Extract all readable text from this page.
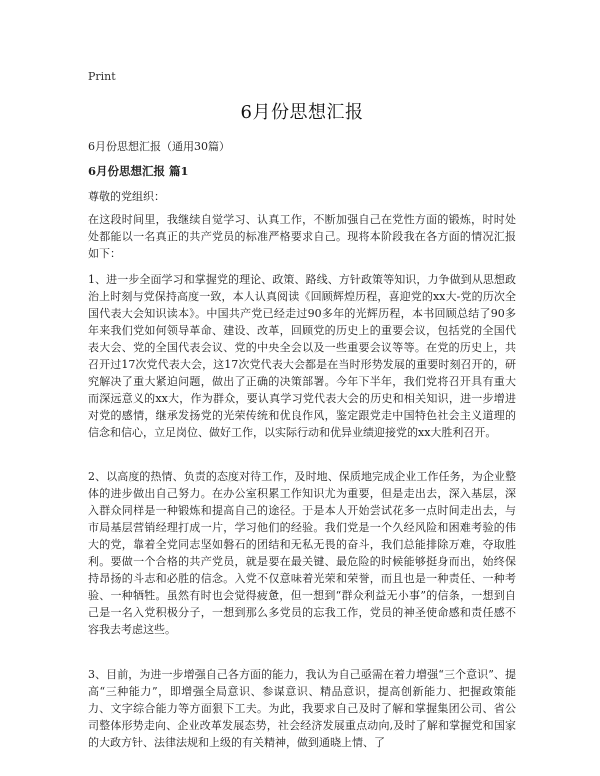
Print
6月份思想汇报

6月份思想汇报（通用30篇）

6月份思想汇报 篇1

尊敬的党组织：

在这段时间里，我继续自觉学习、认真工作，不断加强自己在党性方面的锻炼，时时处处都能以一名真正的共产党员的标准严格要求自己。现将本阶段我在各方面的情况汇报如下：

1、进一步全面学习和掌握党的理论、政策、路线、方针政策等知识，力争做到从思想政治上时刻与党保持高度一致，本人认真阅读《回顾辉煌历程，喜迎党的xx大-党的历次全国代表大会知识读本》。中国共产党已经走过90多年的光辉历程，本书回顾总结了90多年来我们党如何领导革命、建设、改革，回顾党的历史上的重要会议，包括党的全国代表大会、党的全国代表会议、党的中央全会以及一些重要会议等等。在党的历史上，共召开过17次党代表大会，这17次党代表大会都是在当时形势发展的重要时刻召开的，研究解决了重大紧迫问题，做出了正确的决策部署。今年下半年，我们党将召开具有重大而深远意义的xx大，作为群众，要认真学习党代表大会的历史和相关知识，进一步增进对党的感情，继承发扬党的光荣传统和优良作风，鉴定跟党走中国特色社会主义道理的信念和信心，立足岗位、做好工作，以实际行动和优异业绩迎接党的xx大胜利召开。

2、以高度的热情、负责的态度对待工作，及时地、保质地完成企业工作任务，为企业整体的进步做出自己努力。在办公室积累工作知识尤为重要，但是走出去，深入基层，深入群众同样是一种锻炼和提高自己的途径。于是本人开始尝试花多一点时间走出去，与市局基层营销经理打成一片，学习他们的经验。我们党是一个久经风险和困难考验的伟大的党，靠着全党同志坚如磐石的团结和无私无畏的奋斗，我们总能排除万难，夺取胜利。要做一个合格的共产党员，就是要在最关键、最危险的时候能够挺身而出，始终保持昂扬的斗志和必胜的信念。入党不仅意味着光荣和荣誉，而且也是一种责任、一种考验、一种牺牲。虽然有时也会觉得疲惫，但一想到“群众利益无小事”的信条，一想到自己是一名入党积极分子，一想到那么多党员的忘我工作，党员的神圣使命感和责任感不容我去考虑这些。

3、目前，为进一步增强自己各方面的能力，我认为自己亟需在着力增强“三个意识”、提高“三种能力”，即增强全局意识、参谋意识、精品意识，提高创新能力、把握政策能力、文字综合能力等方面狠下工夫。为此，我要求自己及时了解和掌握集团公司、省公司整体形势走向、企业改革发展态势，社会经济发展重点动向,及时了解和掌握党和国家的大政方针、法律法规和上级的有关精神，做到通晓上情、了
